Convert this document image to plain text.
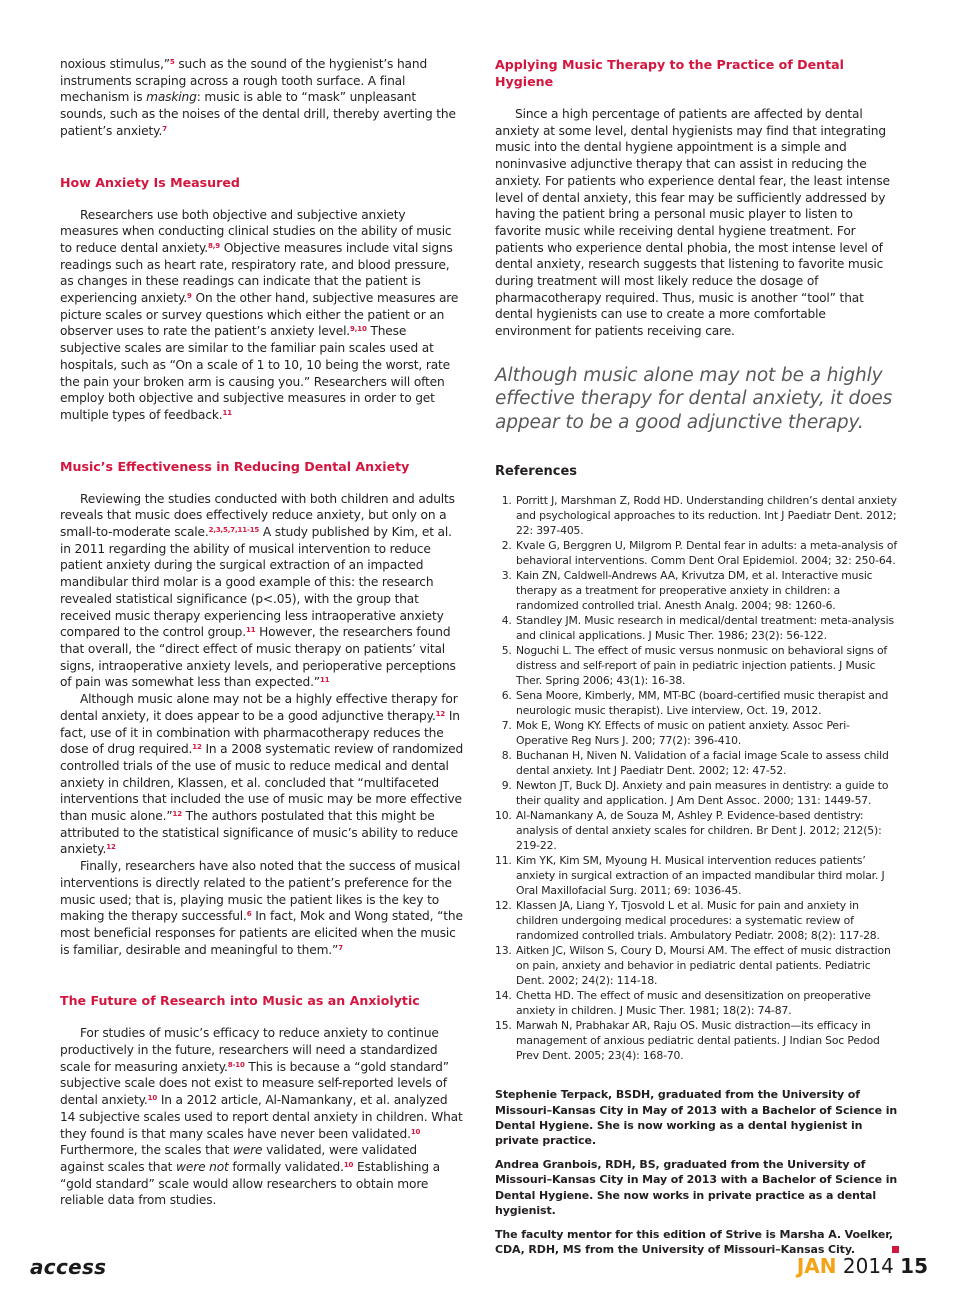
noxious stimulus,”$^5$ such as the sound of the hygienist’s hand instruments scraping across a rough tooth surface. A final mechanism is masking: music is able to “mask” unpleasant sounds, such as the noises of the dental drill, thereby averting the patient’s anxiety.$^7$

How Anxiety Is Measured

Researchers use both objective and subjective anxiety measures when conducting clinical studies on the ability of music to reduce dental anxiety.$^{8,9}$ Objective measures include vital signs readings such as heart rate, respiratory rate, and blood pressure, as changes in these readings can indicate that the patient is experiencing anxiety.$^9$ On the other hand, subjective measures are picture scales or survey questions which either the patient or an observer uses to rate the patient’s anxiety level.$^{9,10}$ These subjective scales are similar to the familiar pain scales used at hospitals, such as “On a scale of 1 to 10, 10 being the worst, rate the pain your broken arm is causing you.” Researchers will often employ both objective and subjective measures in order to get multiple types of feedback.$^{11}$

Music’s Effectiveness in Reducing Dental Anxiety

Reviewing the studies conducted with both children and adults reveals that music does effectively reduce anxiety, but only on a small-to-moderate scale.$^{2,3,5,7,11-15}$ A study published by Kim, et al. in 2011 regarding the ability of musical intervention to reduce patient anxiety during the surgical extraction of an impacted mandibular third molar is a good example of this: the research revealed statistical significance (p<.05), with the group that received music therapy experiencing less intraoperative anxiety compared to the control group.$^{11}$ However, the researchers found that overall, the “direct effect of music therapy on patients’ vital signs, intraoperative anxiety levels, and perioperative perceptions of pain was somewhat less than expected.”$^{11}$

Although music alone may not be a highly effective therapy for dental anxiety, it does appear to be a good adjunctive therapy.$^{12}$ In fact, use of it in combination with pharmacotherapy reduces the dose of drug required.$^{12}$ In a 2008 systematic review of randomized controlled trials of the use of music to reduce medical and dental anxiety in children, Klassen, et al. concluded that “multifaceted interventions that included the use of music may be more effective than music alone.”$^{12}$ The authors postulated that this might be attributed to the statistical significance of music’s ability to reduce anxiety.$^{12}$

Finally, researchers have also noted that the success of musical interventions is directly related to the patient’s preference for the music used; that is, playing music the patient likes is the key to making the therapy successful.$^6$ In fact, Mok and Wong stated, “the most beneficial responses for patients are elicited when the music is familiar, desirable and meaningful to them.”$^7$

The Future of Research into Music as an Anxiolytic

For studies of music’s efficacy to reduce anxiety to continue productively in the future, researchers will need a standardized scale for measuring anxiety.$^{8-10}$ This is because a “gold standard” subjective scale does not exist to measure self-reported levels of dental anxiety.$^{10}$ In a 2012 article, Al-Namankany, et al. analyzed 14 subjective scales used to report dental anxiety in children. What they found is that many scales have never been validated.$^{10}$ Furthermore, the scales that were validated, were validated against scales that were not formally validated.$^{10}$ Establishing a “gold standard” scale would allow researchers to obtain more reliable data from studies.

Applying Music Therapy to the Practice of Dental Hygiene

Since a high percentage of patients are affected by dental anxiety at some level, dental hygienists may find that integrating music into the dental hygiene appointment is a simple and noninvasive adjunctive therapy that can assist in reducing the anxiety. For patients who experience dental fear, the least intense level of dental anxiety, this fear may be sufficiently addressed by having the patient bring a personal music player to listen to favorite music while receiving dental hygiene treatment. For patients who experience dental phobia, the most intense level of dental anxiety, research suggests that listening to favorite music during treatment will most likely reduce the dosage of pharmacotherapy required. Thus, music is another “tool” that dental hygienists can use to create a more comfortable environment for patients receiving care.

Although music alone may not be a highly effective therapy for dental anxiety, it does appear to be a good adjunctive therapy.

References
1. Porritt J, Marshman Z, Rodd HD. Understanding children’s dental anxiety and psychological approaches to its reduction. Int J Paediatr Dent. 2012; 22: 397-405.
2. Kvale G, Berggren U, Milgrom P. Dental fear in adults: a meta-analysis of behavioral interventions. Comm Dent Oral Epidemiol. 2004; 32: 250-64.
3. Kain ZN, Caldwell-Andrews AA, Krivutza DM, et al. Interactive music therapy as a treatment for preoperative anxiety in children: a randomized controlled trial. Anesth Analg. 2004; 98: 1260-6.
4. Standley JM. Music research in medical/dental treatment: meta-analysis and clinical applications. J Music Ther. 1986; 23(2): 56-122.
5. Noguchi L. The effect of music versus nonmusic on behavioral signs of distress and self-report of pain in pediatric injection patients. J Music Ther. Spring 2006; 43(1): 16-38.
6. Sena Moore, Kimberly, MM, MT-BC (board-certified music therapist and neurologic music therapist). Live interview, Oct. 19, 2012.
7. Mok E, Wong KY. Effects of music on patient anxiety. Assoc Peri-Operative Reg Nurs J. 200; 77(2): 396-410.
8. Buchanan H, Niven N. Validation of a facial image Scale to assess child dental anxiety. Int J Paediatr Dent. 2002; 12: 47-52.
9. Newton JT, Buck DJ. Anxiety and pain measures in dentistry: a guide to their quality and application. J Am Dent Assoc. 2000; 131: 1449-57.
10. Al-Namankany A, de Souza M, Ashley P. Evidence-based dentistry: analysis of dental anxiety scales for children. Br Dent J. 2012; 212(5): 219-22.
11. Kim YK, Kim SM, Myoung H. Musical intervention reduces patients’ anxiety in surgical extraction of an impacted mandibular third molar. J Oral Maxillofacial Surg. 2011; 69: 1036-45.
12. Klassen JA, Liang Y, Tjosvold L et al. Music for pain and anxiety in children undergoing medical procedures: a systematic review of randomized controlled trials. Ambulatory Pediatr. 2008; 8(2): 117-28.
13. Aitken JC, Wilson S, Coury D, Moursi AM. The effect of music distraction on pain, anxiety and behavior in pediatric dental patients. Pediatric Dent. 2002; 24(2): 114-18.
14. Chetta HD. The effect of music and desensitization on preoperative anxiety in children. J Music Ther. 1981; 18(2): 74-87.
15. Marwah N, Prabhakar AR, Raju OS. Music distraction—its efficacy in management of anxious pediatric dental patients. J Indian Soc Pedod Prev Dent. 2005; 23(4): 168-70.

Stephenie Terpack, BSDH, graduated from the University of Missouri–Kansas City in May of 2013 with a Bachelor of Science in Dental Hygiene. She is now working as a dental hygienist in private practice.

Andrea Granbois, RDH, BS, graduated from the University of Missouri–Kansas City in May of 2013 with a Bachelor of Science in Dental Hygiene. She now works in private practice as a dental hygienist.

The faculty mentor for this edition of Strive is Marsha A. Voelker, CDA, RDH, MS from the University of Missouri–Kansas City.

access	JAN 2014 15
